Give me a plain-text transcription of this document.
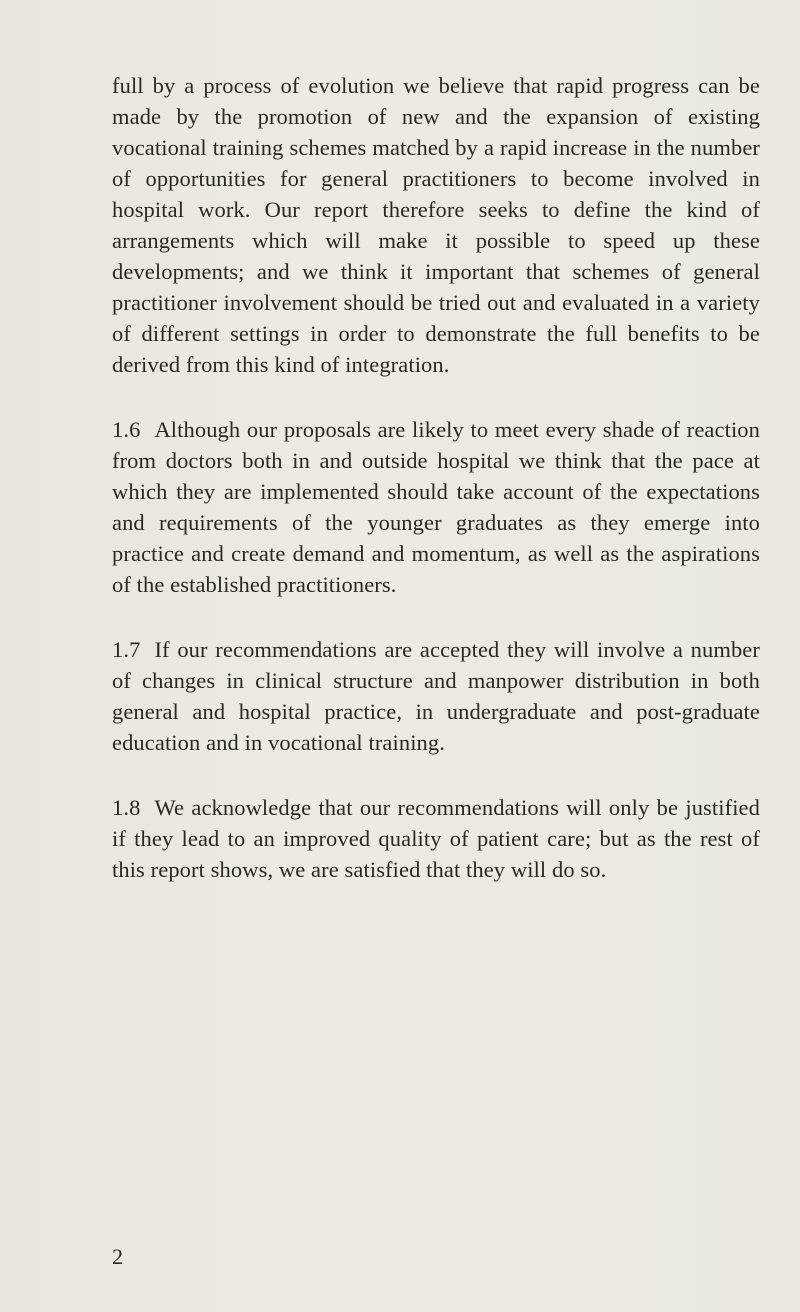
full by a process of evolution we believe that rapid progress can be made by the promotion of new and the expansion of existing vocational training schemes matched by a rapid increase in the number of opportunities for general practitioners to become involved in hospital work. Our report therefore seeks to define the kind of arrangements which will make it possible to speed up these developments; and we think it important that schemes of general practitioner involvement should be tried out and evaluated in a variety of different settings in order to demonstrate the full benefits to be derived from this kind of integration.

1.6 Although our proposals are likely to meet every shade of reaction from doctors both in and outside hospital we think that the pace at which they are implemented should take account of the expectations and requirements of the younger graduates as they emerge into practice and create demand and momentum, as well as the aspirations of the established practitioners.

1.7 If our recommendations are accepted they will involve a number of changes in clinical structure and manpower distribution in both general and hospital practice, in undergraduate and post-graduate education and in vocational training.

1.8 We acknowledge that our recommendations will only be justified if they lead to an improved quality of patient care; but as the rest of this report shows, we are satisfied that they will do so.

2
